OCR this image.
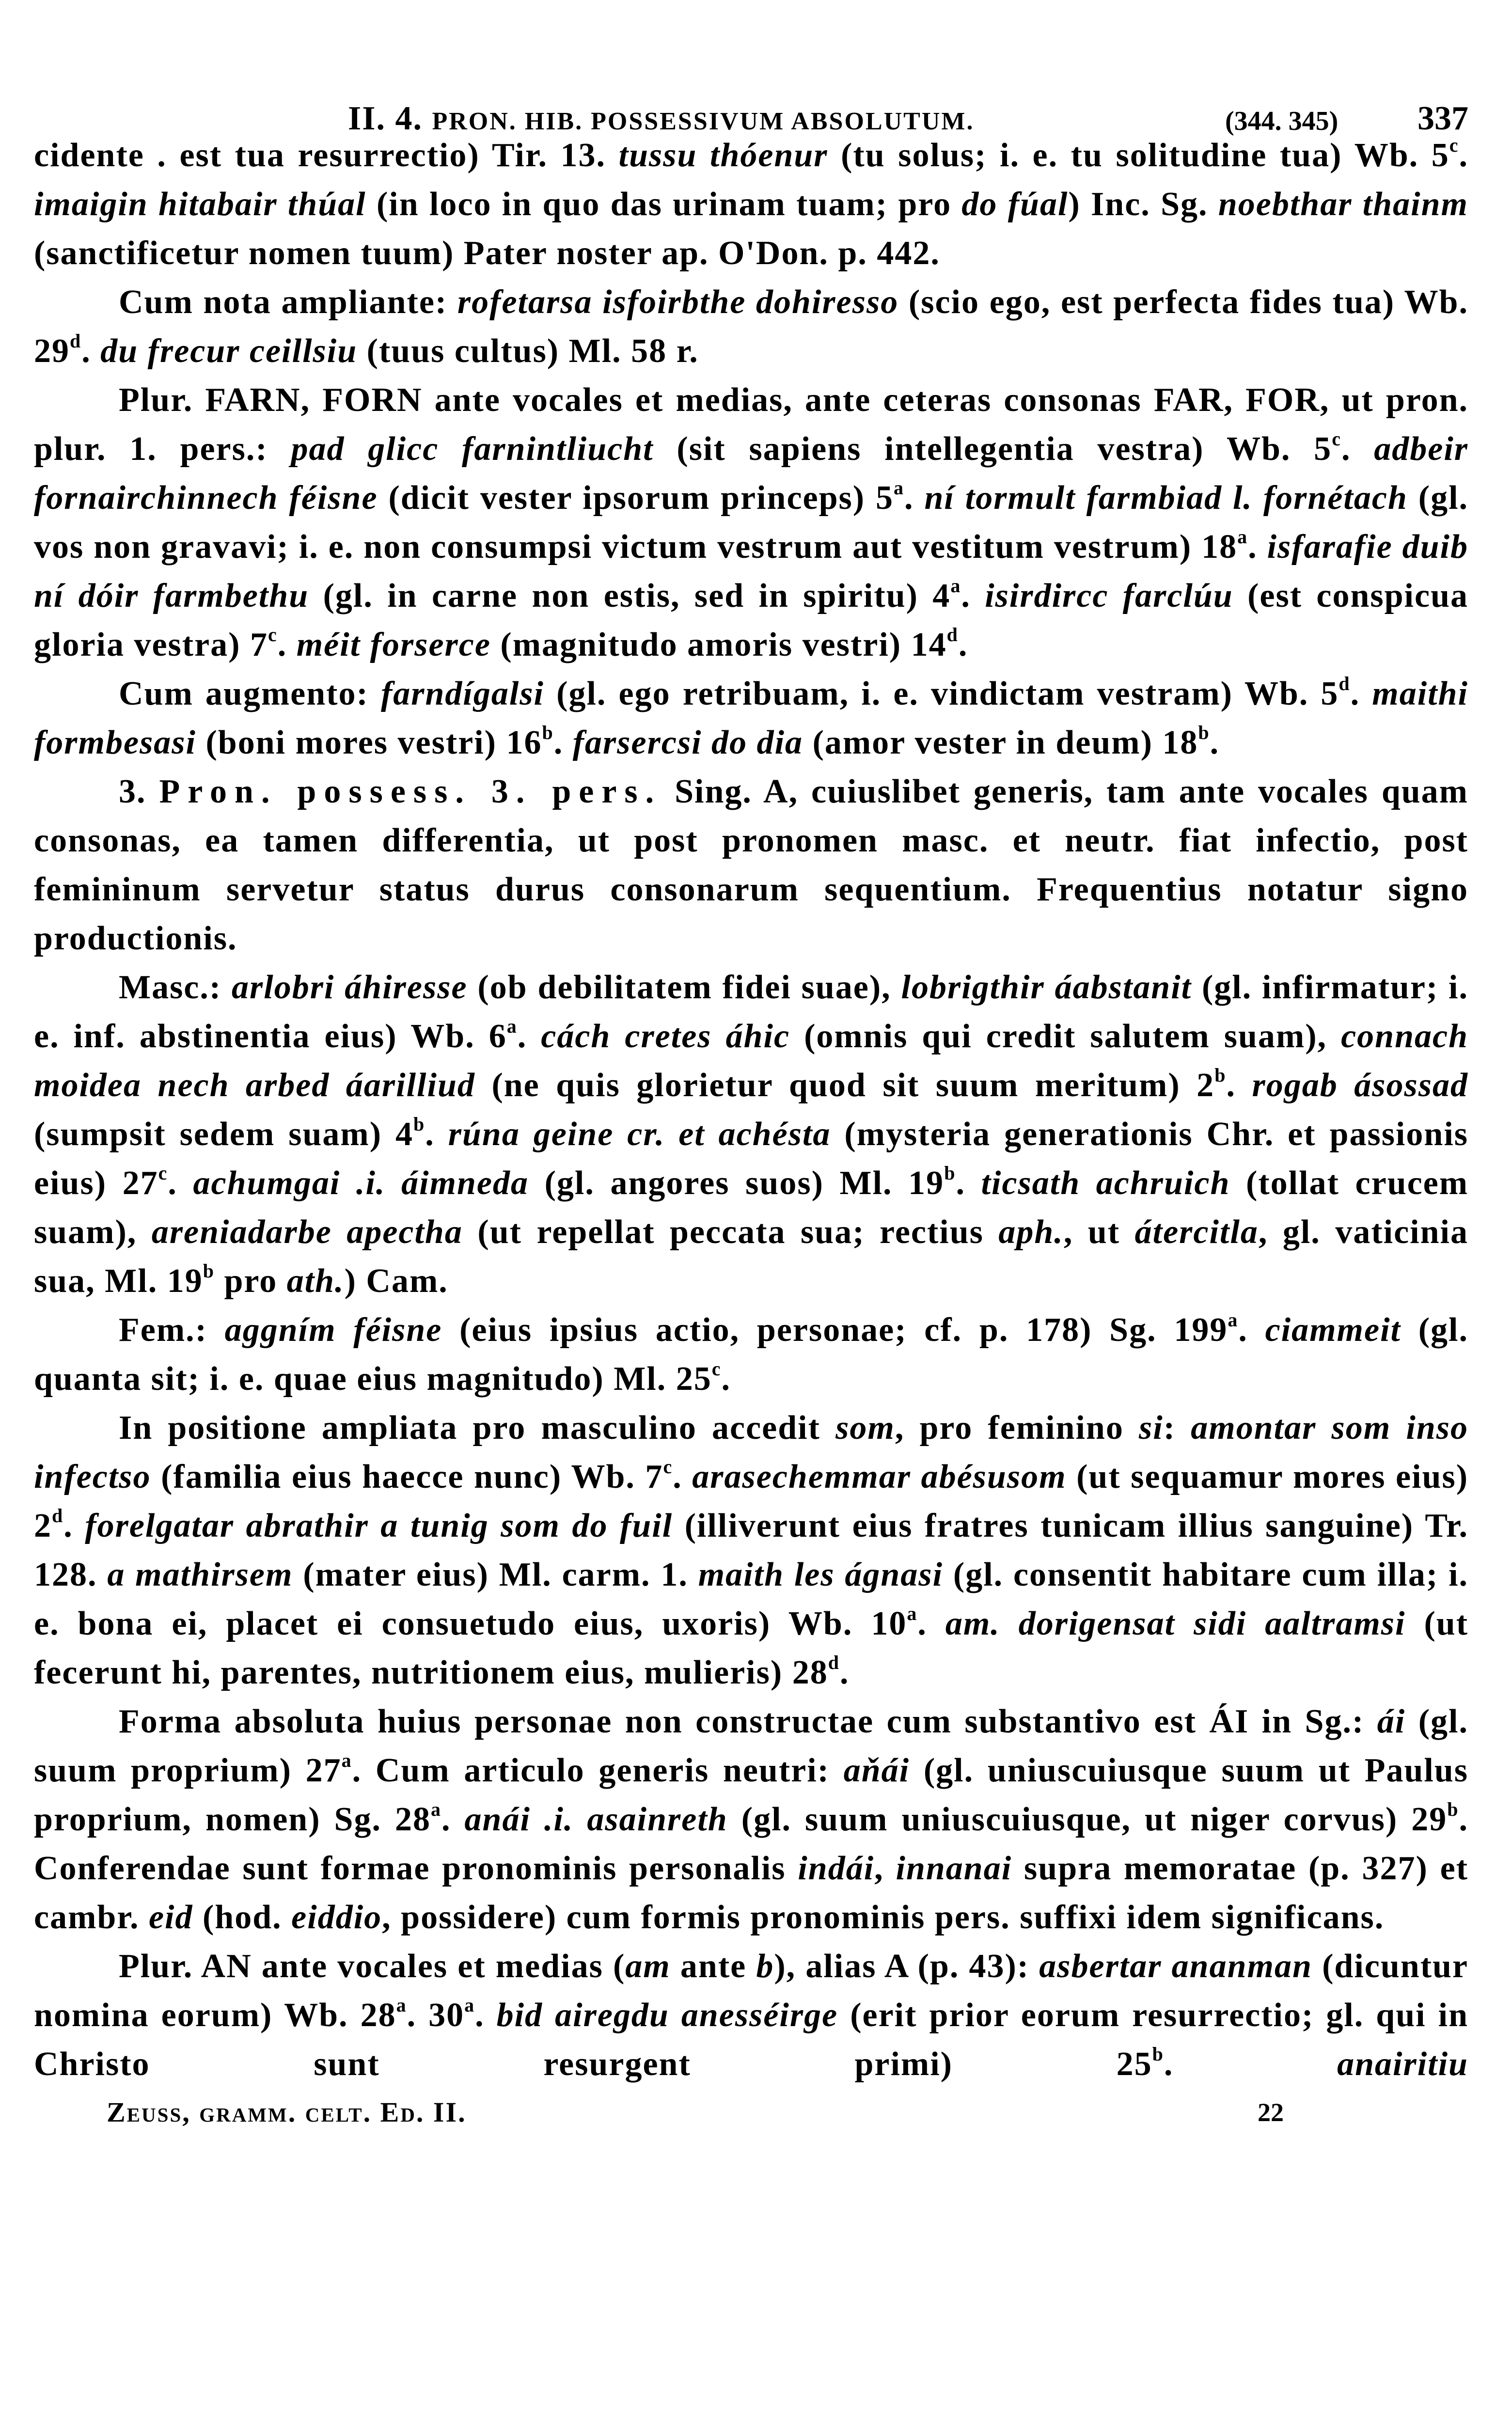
II. 4. PRON. HIB. POSSESSIVUM ABSOLUTUM.	(344. 345) 337

cidente . est tua resurrectio) Tir. 13. tussu thóenur (tu solus; i. e. tu solitudine tua) Wb. 5$^c$. imaigin hitabair thúal (in loco in quo das urinam tuam; pro do fúal) Inc. Sg. noebthar thainm (sanctificetur nomen tuum) Pater noster ap. O'Don. p. 442.

Cum nota ampliante: rofetarsa isfoirbthe dohiresso (scio ego, est perfecta fides tua) Wb. 29$^d$. du frecur ceillsiu (tuus cultus) Ml. 58 r.

Plur. FARN, FORN ante vocales et medias, ante ceteras consonas FAR, FOR, ut pron. plur. 1. pers.: pad glicc farnintliucht (sit sapiens intellegentia vestra) Wb. 5$^c$. adbeir fornairchinnech féisne (dicit vester ipsorum princeps) 5$^a$. ní tormult farmbiad l. fornétach (gl. vos non gravavi; i. e. non consumpsi victum vestrum aut vestitum vestrum) 18$^a$. isfarafie duib ní dóir farmbethu (gl. in carne non estis, sed in spiritu) 4$^a$. isirdircc farclúu (est conspicua gloria vestra) 7$^c$. méit forserce (magnitudo amoris vestri) 14$^d$.

Cum augmento: farndígalsi (gl. ego retribuam, i. e. vindictam vestram) Wb. 5$^d$. maithi formbesasi (boni mores vestri) 16$^b$. farsercsi do dia (amor vester in deum) 18$^b$.

3. Pron. possess. 3. pers. Sing. A, cuiuslibet generis, tam ante vocales quam consonas, ea tamen differentia, ut post pronomen masc. et neutr. fiat infectio, post femininum servetur status durus consonarum sequentium. Frequentius notatur signo productionis.

Masc.: arlobri áhiresse (ob debilitatem fidei suae), lobrigthir áabstanit (gl. infirmatur; i. e. inf. abstinentia eius) Wb. 6$^a$. cách cretes áhic (omnis qui credit salutem suam), connach moidea nech arbed áarilliud (ne quis glorietur quod sit suum meritum) 2$^b$. rogab ásossad (sumpsit sedem suam) 4$^b$. rúna geine cr. et achésta (mysteria generationis Chr. et passionis eius) 27$^c$. achumgai .i. áimneda (gl. angores suos) Ml. 19$^b$. ticsath achruich (tollat crucem suam), areniadarbe apectha (ut repellat peccata sua; rectius aph., ut átercitla, gl. vaticinia sua, Ml. 19$^b$ pro ath.) Cam.

Fem.: aggním féisne (eius ipsius actio, personae; cf. p. 178) Sg. 199$^a$. ciammeit (gl. quanta sit; i. e. quae eius magnitudo) Ml. 25$^c$.

In positione ampliata pro masculino accedit som, pro feminino si: amontar som inso infectso (familia eius haecce nunc) Wb. 7$^c$. arasechemmar abésusom (ut sequamur mores eius) 2$^d$. forelgatar abrathir a tunig som do fuil (illiverunt eius fratres tunicam illius sanguine) Tr. 128. a mathirsem (mater eius) Ml. carm. 1. maith les ágnasi (gl. consentit habitare cum illa; i. e. bona ei, placet ei consuetudo eius, uxoris) Wb. 10$^a$. am. dorigensat sidi aaltramsi (ut fecerunt hi, parentes, nutritionem eius, mulieris) 28$^d$.

Forma absoluta huius personae non constructae cum substantivo est ÁI in Sg.: ái (gl. suum proprium) 27$^a$. Cum articulo generis neutri: aňái (gl. uniuscuiusque suum ut Paulus proprium, nomen) Sg. 28$^a$. anái .i. asainreth (gl. suum uniuscuiusque, ut niger corvus) 29$^b$. Conferendae sunt formae pronominis personalis indái, innanai supra memoratae (p. 327) et cambr. eid (hod. eiddio, possidere) cum formis pronominis pers. suffixi idem significans.

Plur. AN ante vocales et medias (am ante b), alias A (p. 43): asbertar ananman (dicuntur nomina eorum) Wb. 28$^a$. 30$^a$. bid airegdu anesséirge (erit prior eorum resurrectio; gl. qui in Christo sunt resurgent primi) 25$^b$. anairitiu

Zeuss, gramm. celt. Ed. II.	22
